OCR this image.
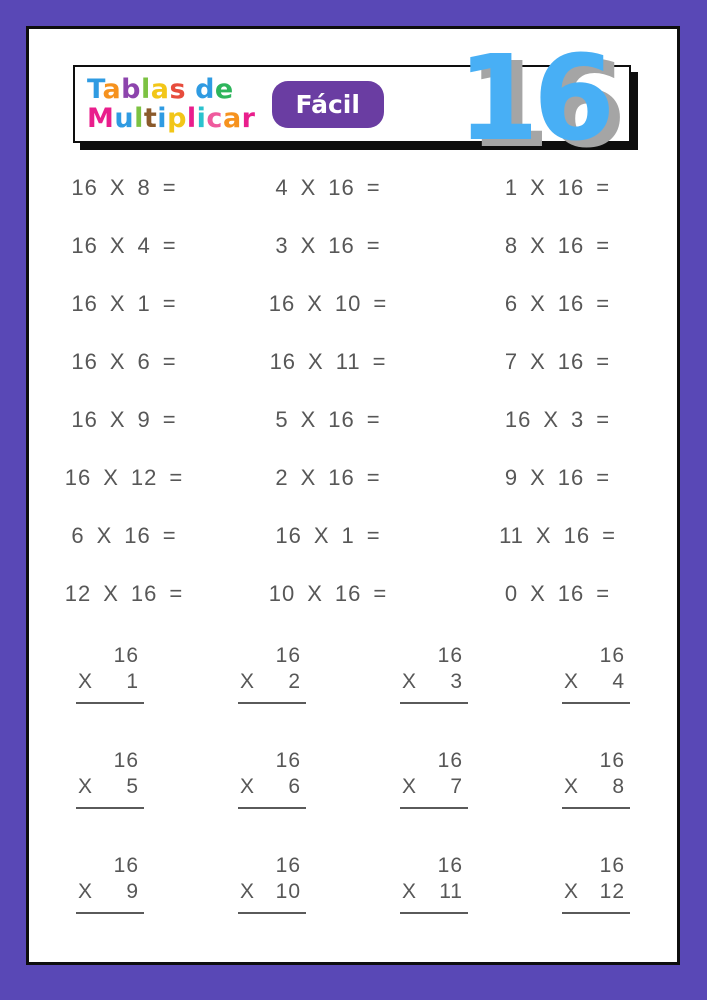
Tablas de
Multiplicar	Fácil 16
16 X 8 =	4 X 16 =	1 X 16 =
16 X 4 =	3 X 16 =	8 X 16 =
16 X 1 =	16 X 10 =	6 X 16 =
16 X 6 =	16 X 11 =	7 X 16 =
16 X 9 =	5 X 16 =	16 X 3 =
16 X 12 =	2 X 16 =	9 X 16 =
6 X 16 =	16 X 1 =	11 X 16 =
12 X 16 =	10 X 16 =	0 X 16 =
16
X 1
16
X 2
16
X 3
16
X 4
16
X 5
16
X 6
16
X 7
16
X 8
16
X 9
16
X 10
16
X 11
16
X 12
